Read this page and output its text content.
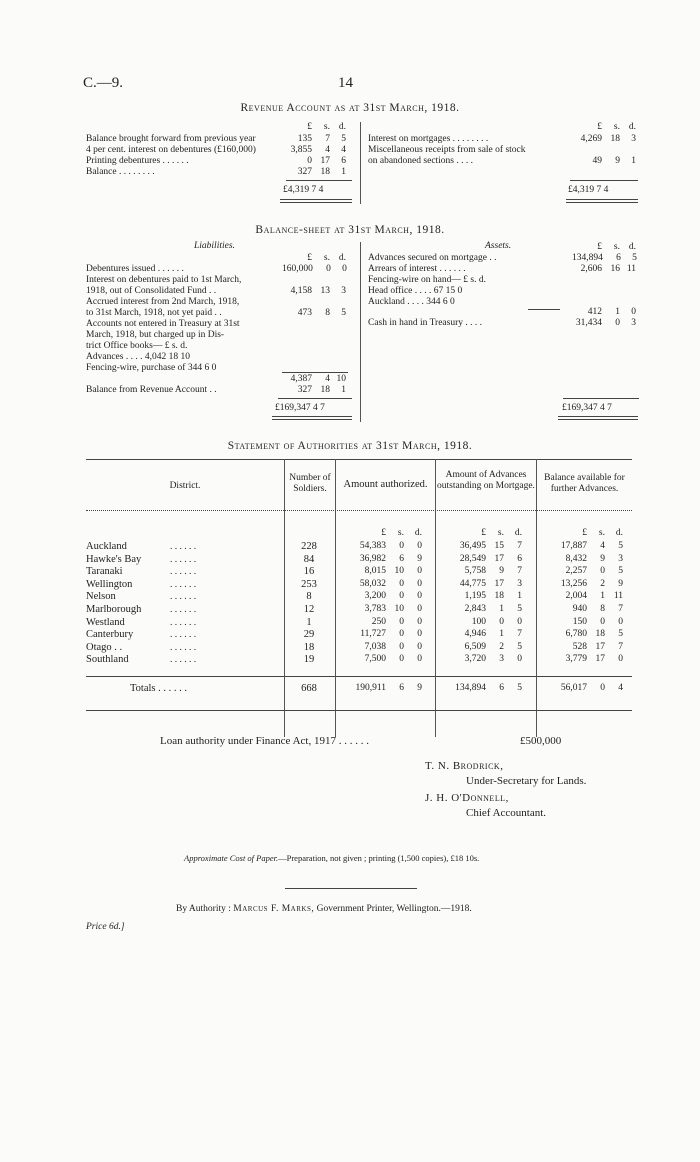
C.—9.	14
Revenue Account as at 31st March, 1918.
£	s.	d.
Balance brought forward from previous year	135	7	5
4 per cent. interest on debentures (£160,000)	3,855	4	4
Printing debentures . . . . . .	0	17	6
Balance . . . . . . . .	327	18	1
£4,319 7 4
£	s.	d.
Interest on mortgages . . . . . . . .	4,269	18	3
Miscellaneous receipts from sale of stock

on abandoned sections . . . .	49	9	1
£4,319 7 4
Balance-sheet at 31st March, 1918.
Liabilities.	Assets.
£	s.	d.
Debentures issued . . . . . .	160,000	0	0
Interest on debentures paid to 1st March,

1918, out of Consolidated Fund . .	4,158	13	3
Accrued interest from 2nd March, 1918,

to 31st March, 1918, not yet paid . .	473	8	5
Accounts not entered in Treasury at 31st

March, 1918, but charged up in Dis-

trict Office books— £ s. d.

Advances . . . . 4,042 18 10

Fencing-wire, purchase of 344 6 0

4,387	4	10
Balance from Revenue Account . .	327	18	1
£169,347 4 7
£	s.	d.
Advances secured on mortgage . .	134,894	6	5
Arrears of interest . . . . . .	2,606	16	11
Fencing-wire on hand— £ s. d.

Head office . . . . 67 15 0

Auckland . . . . 344 6 0

412	1	0
Cash in hand in Treasury . . . .	31,434	0	3
£169,347 4 7
Statement of Authorities at 31st March, 1918.
District.
Number of Soldiers.	Amount authorized.
Amount of Advances outstanding on Mortgage.
Balance available for further Advances.
£	s.	d.	£	s.	d.	£	s.	d.
Auckland	. . . . . .	228	54,383	0	0	36,495	15	7	17,887	4	5
Hawke's Bay	. . . . . .	84	36,982	6	9	28,549	17	6	8,432	9	3
Taranaki	. . . . . .	16	8,015	10	0	5,758	9	7	2,257	0	5
Wellington	. . . . . .	253	58,032	0	0	44,775	17	3	13,256	2	9
Nelson	. . . . . .	8	3,200	0	0	1,195	18	1	2,004	1	11
Marlborough	. . . . . .	12	3,783	10	0	2,843	1	5	940	8	7
Westland	. . . . . .	1	250	0	0	100	0	0	150	0	0
Canterbury	. . . . . .	29	11,727	0	0	4,946	1	7	6,780	18	5
Otago . .	. . . . . .	18	7,038	0	0	6,509	2	5	528	17	7
Southland	. . . . . .	19	7,500	0	0	3,720	3	0	3,779	17	0
Totals . . . . . .	668	190,911	6	9	134,894	6	5	56,017	0	4
Loan authority under Finance Act, 1917 . . . . . .	£500,000
T. N. Brodrick,
Under-Secretary for Lands.
J. H. O'Donnell,
Chief Accountant.
Approximate Cost of Paper.—Preparation, not given ; printing (1,500 copies), £18 10s.
By Authority : Marcus F. Marks, Government Printer, Wellington.—1918.
Price 6d.]
